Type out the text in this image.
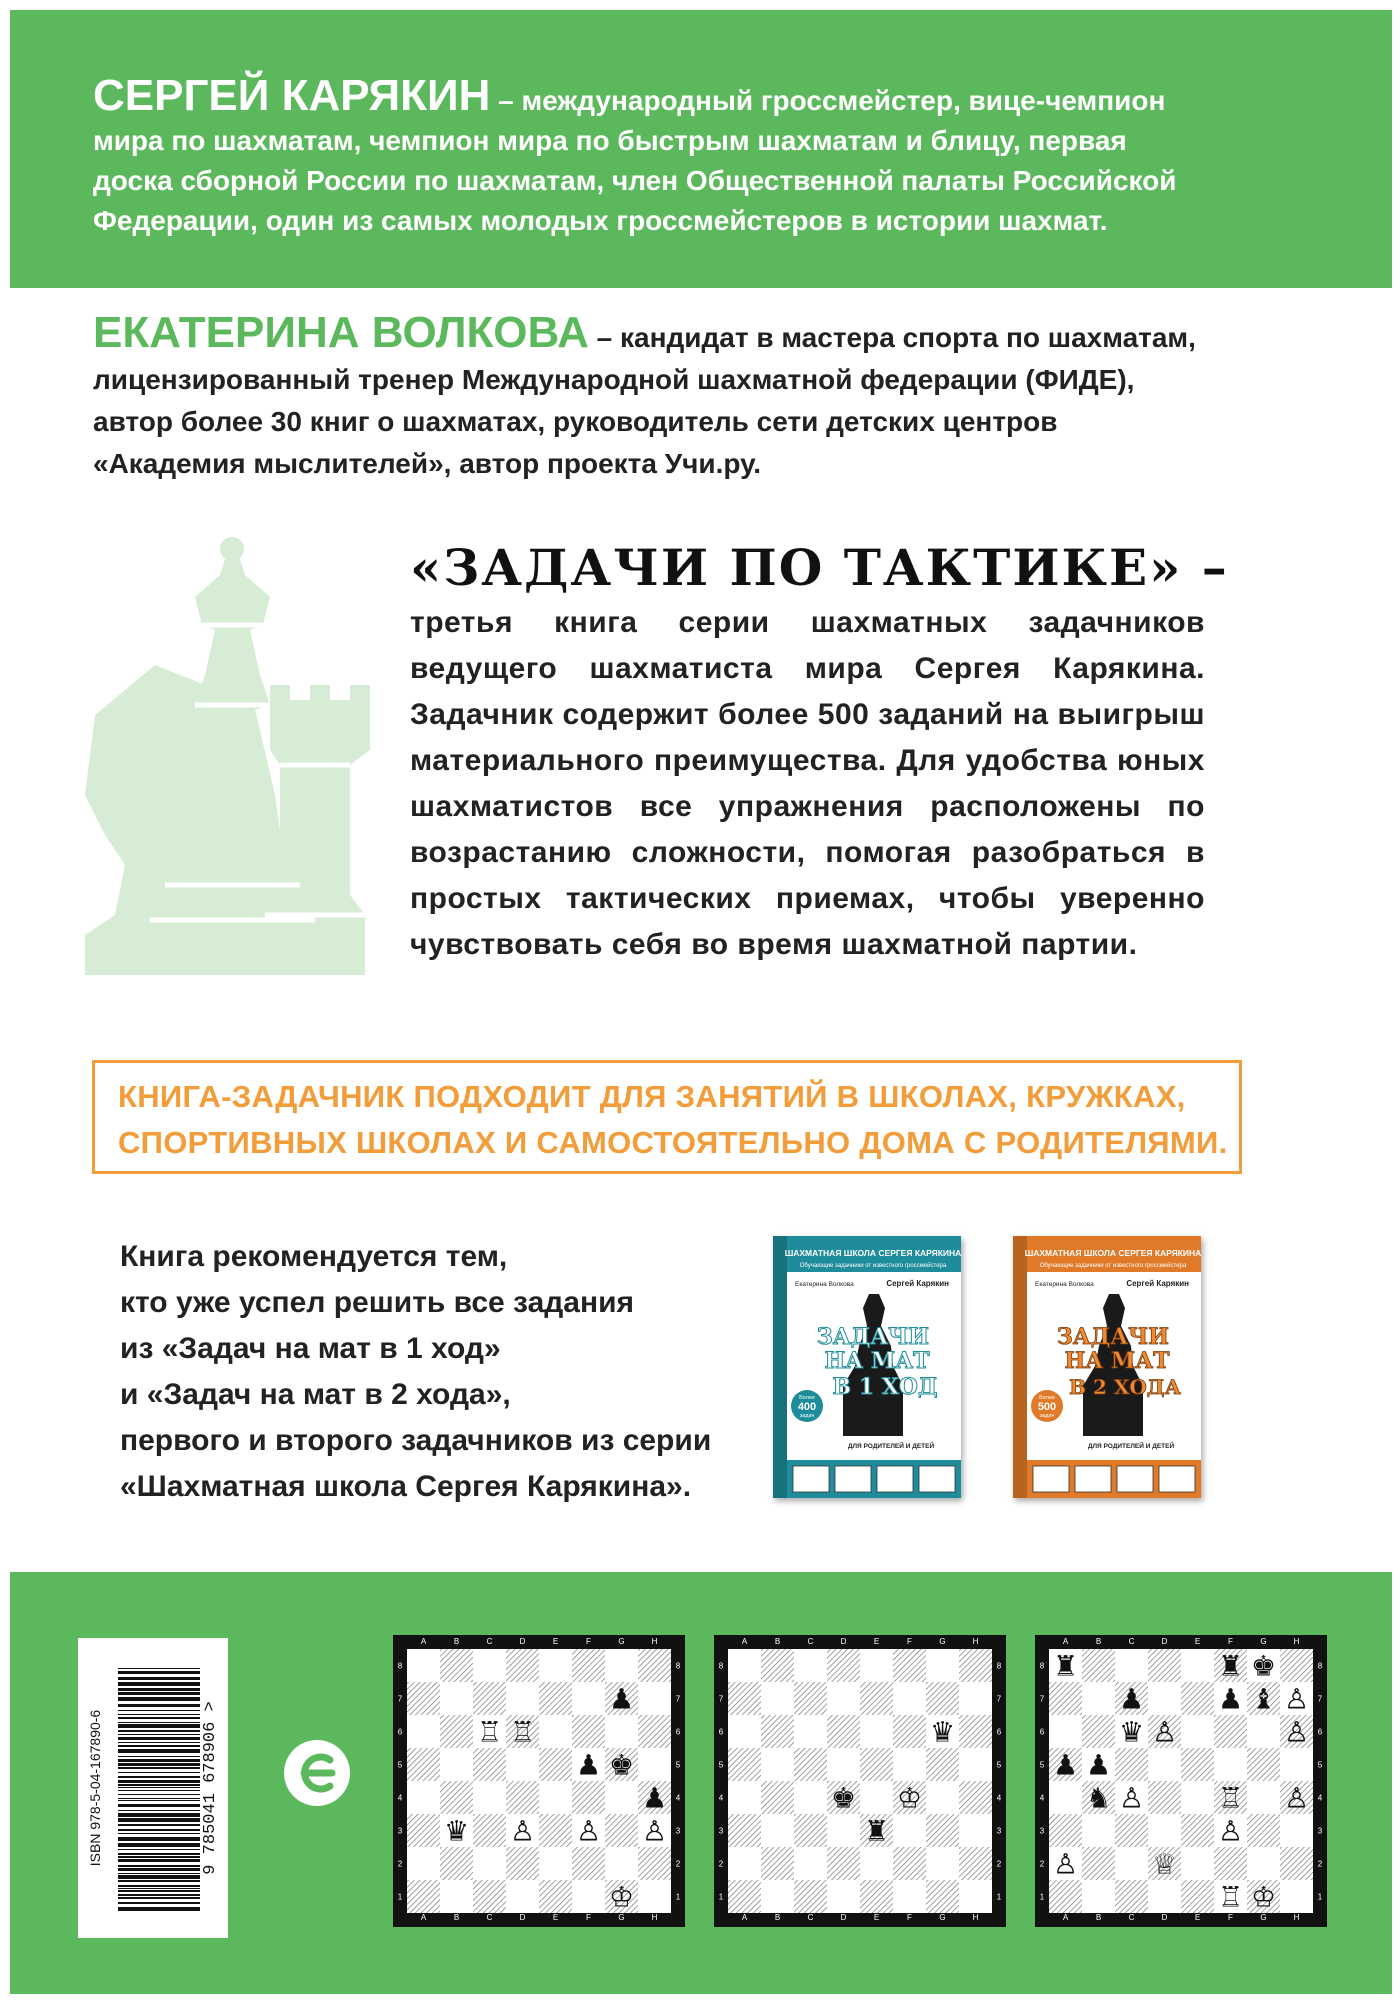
СЕРГЕЙ КАРЯКИН – международный гроссмейстер, вице-чемпион
мира по шахматам, чемпион мира по быстрым шахматам и блицу, первая
доска сборной России по шахматам, член Общественной палаты Российской
Федерации, один из самых молодых гроссмейстеров в истории шахмат.
ЕКАТЕРИНА ВОЛКОВА – кандидат в мастера спорта по шахматам,
лицензированный тренер Международной шахматной федерации (ФИДЕ),
автор более 30 книг о шахматах, руководитель сети детских центров
«Академия мыслителей», автор проекта Учи.ру.
«ЗАДАЧИ ПО ТАКТИКЕ» –
третья книга серии шахматных задачников ведущего шахматиста мира Сергея Карякина. Задачник содержит более 500 заданий на выигрыш материального преимущества. Для удобства юных шахматистов все упражнения расположены по возрастанию сложности, помогая разобраться в простых тактических приемах, чтобы уверенно чувствовать себя во время шахматной партии.
КНИГА-ЗАДАЧНИК ПОДХОДИТ ДЛЯ ЗАНЯТИЙ В ШКОЛАХ, КРУЖКАХ,
СПОРТИВНЫХ ШКОЛАХ И САМОСТОЯТЕЛЬНО ДОМА С РОДИТЕЛЯМИ.
Книга рекомендуется тем,
кто уже успел решить все задания
из «Задач на мат в 1 ход»
и «Задач на мат в 2 хода»,
первого и второго задачников из серии
«Шахматная школа Сергея Карякина».
ШАХМАТНАЯ ШКОЛА СЕРГЕЯ КАРЯКИНА
Обучающие задачники от известного гроссмейстера
Екатерина Волкова	Сергей Карякин
ЗАДАЧИ
НА МАТ
В 1 ХОД
Более
400
задач
ДЛЯ РОДИТЕЛЕЙ И ДЕТЕЙ
ШАХМАТНАЯ ШКОЛА СЕРГЕЯ КАРЯКИНА
Обучающие задачники от известного гроссмейстера
Екатерина Волкова	Сергей Карякин
ЗАДАЧИ
НА МАТ
В 2 ХОДА
Более
500
задач
ДЛЯ РОДИТЕЛЕЙ И ДЕТЕЙ
ISBN 978-5-04-167890-6	9 785041 678906 >
A
A
B
B
C
C
D
D
E
E
F
F
G
G
H
H
8	8
7	7
6	6
5	5
4	4
3	3
2	2
1	1
♟
♖ ♖
♟ ♚
♟
♛ ♙ ♙ ♙
♔
A
A
B
B
C
C
D
D
E
E
F
F
G
G
H
H
8	8
7	7
6	6
5	5
4	4
3	3
2	2
1	1
♛
♚ ♔
♜
A
A
B
B
C
C
D
D
E
E
F
F
G
G
H
H
8	8
7	7
6	6
5	5
4	4
3	3
2	2
1	1
♜	♜ ♚
♟	♟ ♝ ♙
♛ ♙	♙
♟ ♟
♞ ♙	♖ ♙
♙
♙	♕
♖ ♔
